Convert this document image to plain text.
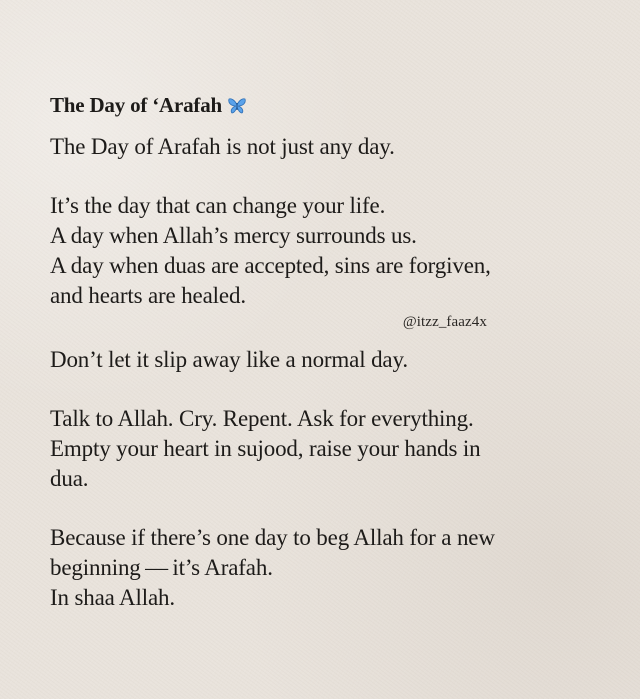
The Day of ‘Arafah

The Day of Arafah is not just any day.

It’s the day that can change your life.
A day when Allah’s mercy surrounds us.
A day when duas are accepted, sins are forgiven,
and hearts are healed.

@itzz_faaz4x

Don’t let it slip away like a normal day.

Talk to Allah. Cry. Repent. Ask for everything.
Empty your heart in sujood, raise your hands in
dua.

Because if there’s one day to beg Allah for a new
beginning — it’s Arafah.
In shaa Allah.
